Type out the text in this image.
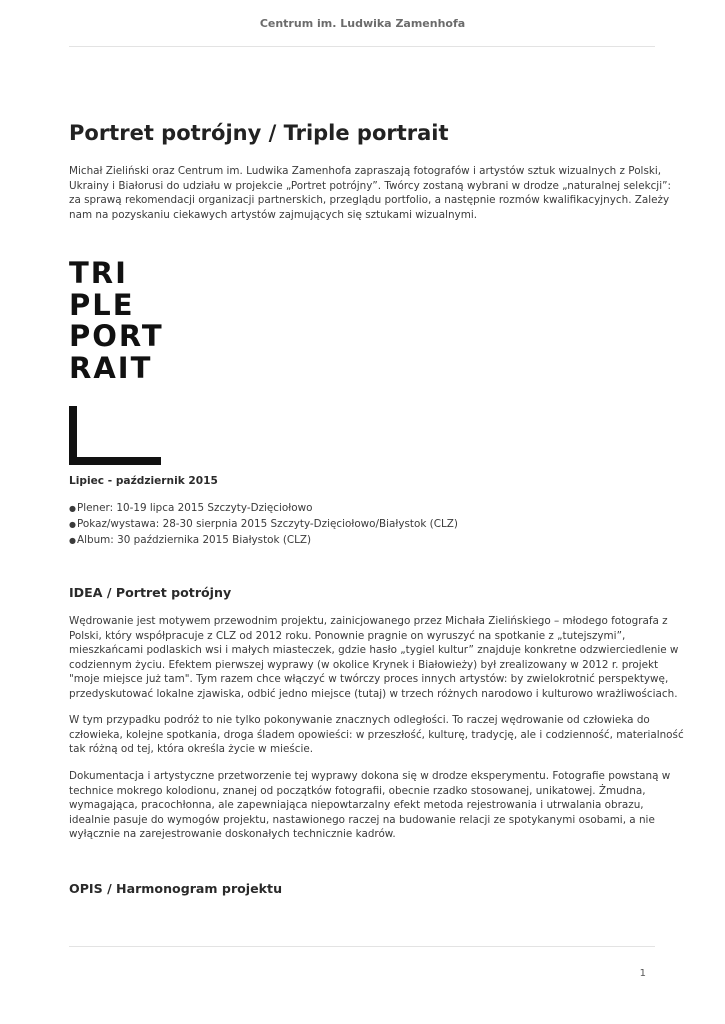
Centrum im. Ludwika Zamenhofa
Portret potrójny / Triple portrait

Michał Zieliński oraz Centrum im. Ludwika Zamenhofa zapraszają fotografów i artystów sztuk wizualnych z Polski,
Ukrainy i Białorusi do udziału w projekcie „Portret potrójny”. Twórcy zostaną wybrani w drodze „naturalnej selekcji”:
za sprawą rekomendacji organizacji partnerskich, przeglądu portfolio, a następnie rozmów kwalifikacyjnych. Zależy
nam na pozyskaniu ciekawych artystów zajmujących się sztukami wizualnymi.

TRI
PLE
PORT
RAIT
Lipiec - październik 2015
● Plener: 10-19 lipca 2015 Szczyty-Dzięciołowo
● Pokaz/wystawa: 28-30 sierpnia 2015 Szczyty-Dzięciołowo/Białystok (CLZ)
● Album: 30 października 2015 Białystok (CLZ)
IDEA / Portret potrójny

Wędrowanie jest motywem przewodnim projektu, zainicjowanego przez Michała Zielińskiego – młodego fotografa z
Polski, który współpracuje z CLZ od 2012 roku. Ponownie pragnie on wyruszyć na spotkanie z „tutejszymi”,
mieszkańcami podlaskich wsi i małych miasteczek, gdzie hasło „tygiel kultur” znajduje konkretne odzwierciedlenie w
codziennym życiu. Efektem pierwszej wyprawy (w okolice Krynek i Białowieży) był zrealizowany w 2012 r. projekt
"moje miejsce już tam". Tym razem chce włączyć w twórczy proces innych artystów: by zwielokrotnić perspektywę,
przedyskutować lokalne zjawiska, odbić jedno miejsce (tutaj) w trzech różnych narodowo i kulturowo wrażliwościach.

W tym przypadku podróż to nie tylko pokonywanie znacznych odległości. To raczej wędrowanie od człowieka do
człowieka, kolejne spotkania, droga śladem opowieści: w przeszłość, kulturę, tradycję, ale i codzienność, materialność
tak różną od tej, która określa życie w mieście.

Dokumentacja i artystyczne przetworzenie tej wyprawy dokona się w drodze eksperymentu. Fotografie powstaną w
technice mokrego kolodionu, znanej od początków fotografii, obecnie rzadko stosowanej, unikatowej. Żmudna,
wymagająca, pracochłonna, ale zapewniająca niepowtarzalny efekt metoda rejestrowania i utrwalania obrazu,
idealnie pasuje do wymogów projektu, nastawionego raczej na budowanie relacji ze spotykanymi osobami, a nie
wyłącznie na zarejestrowanie doskonałych technicznie kadrów.

OPIS / Harmonogram projektu
1
